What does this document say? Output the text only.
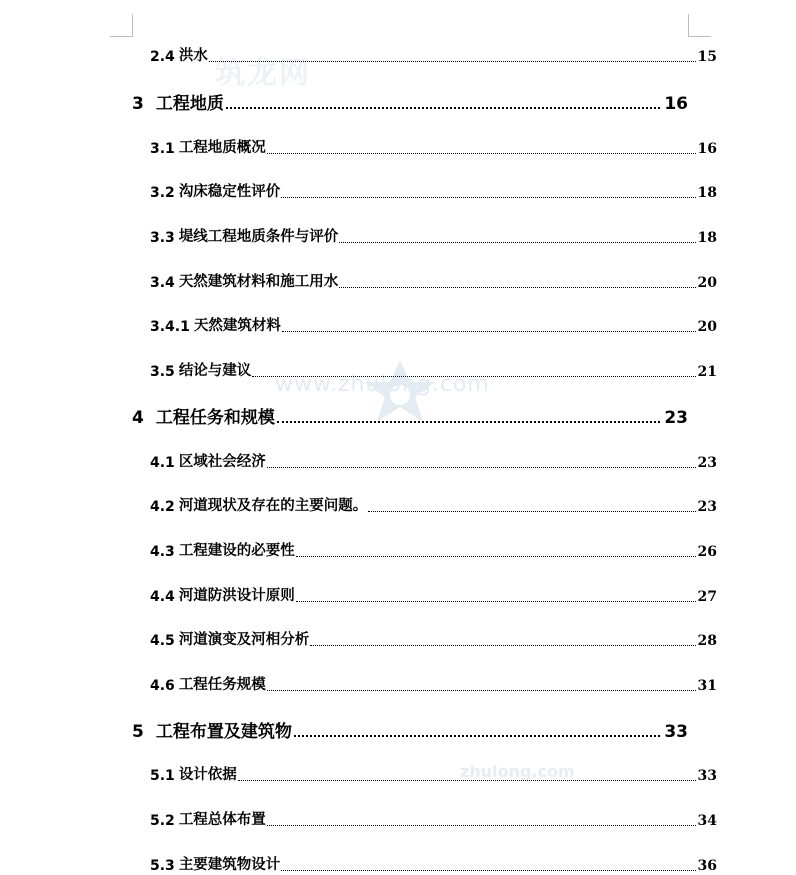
筑龙网
www.zhulong.com
zhulong.com
2.4 洪水	15
3 工程地质	16
3.1 工程地质概况	16
3.2 沟床稳定性评价	18
3.3 堤线工程地质条件与评价	18
3.4 天然建筑材料和施工用水	20
3.4.1 天然建筑材料	20
3.5 结论与建议	21
4 工程任务和规模	23
4.1 区域社会经济	23
4.2 河道现状及存在的主要问题。	23
4.3 工程建设的必要性	26
4.4 河道防洪设计原则	27
4.5 河道演变及河相分析	28
4.6 工程任务规模	31
5 工程布置及建筑物	33
5.1 设计依据	33
5.2 工程总体布置	34
5.3 主要建筑物设计	36
